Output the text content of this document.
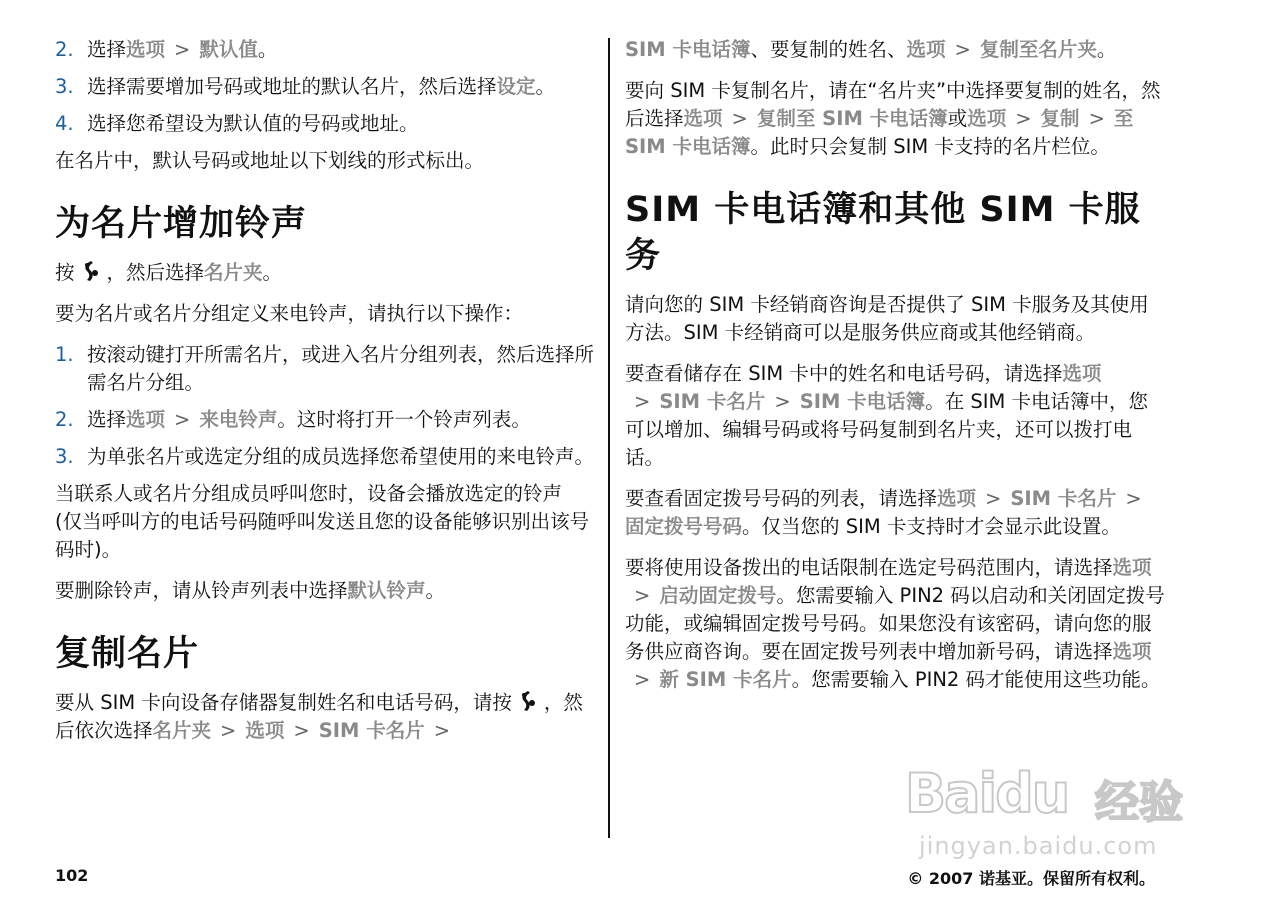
2. 选择选项 > 默认值。
3. 选择需要增加号码或地址的默认名片，然后选择设定。
4. 选择您希望设为默认值的号码或地址。

在名片中，默认号码或地址以下划线的形式标出。

为名片增加铃声

按 ，然后选择名片夹。

要为名片或名片分组定义来电铃声，请执行以下操作：

1. 按滚动键打开所需名片，或进入名片分组列表，然后选择所需名片分组。
2. 选择选项 > 来电铃声。这时将打开一个铃声列表。
3. 为单张名片或选定分组的成员选择您希望使用的来电铃声。

当联系人或名片分组成员呼叫您时，设备会播放选定的铃声 (仅当呼叫方的电话号码随呼叫发送且您的设备能够识别出该号码时)。

要删除铃声，请从铃声列表中选择默认铃声。

复制名片

要从 SIM 卡向设备存储器复制姓名和电话号码，请按 ，然后依次选择名片夹 > 选项 > SIM 卡名片 >

SIM 卡电话簿、要复制的姓名、选项 > 复制至名片夹。

要向 SIM 卡复制名片，请在“名片夹”中选择要复制的姓名，然后选择选项 > 复制至 SIM 卡电话簿或选项 > 复制 > 至 SIM 卡电话簿。此时只会复制 SIM 卡支持的名片栏位。

SIM 卡电话簿和其他 SIM 卡服务

请向您的 SIM 卡经销商咨询是否提供了 SIM 卡服务及其使用方法。SIM 卡经销商可以是服务供应商或其他经销商。

要查看储存在 SIM 卡中的姓名和电话号码，请选择选项> SIM 卡名片 > SIM 卡电话簿。在 SIM 卡电话簿中，您可以增加、编辑号码或将号码复制到名片夹，还可以拨打电话。

要查看固定拨号号码的列表，请选择选项 > SIM 卡名片 >固定拨号号码。仅当您的 SIM 卡支持时才会显示此设置。

要将使用设备拨出的电话限制在选定号码范围内，请选择选项> 启动固定拨号。您需要输入 PIN2 码以启动和关闭固定拨号功能，或编辑固定拨号号码。如果您没有该密码，请向您的服务供应商咨询。要在固定拨号列表中增加新号码，请选择选项> 新 SIM 卡名片。您需要输入 PIN2 码才能使用这些功能。

Baidu 经验
jingyan.baidu.com
102	© 2007 诺基亚。保留所有权利。
